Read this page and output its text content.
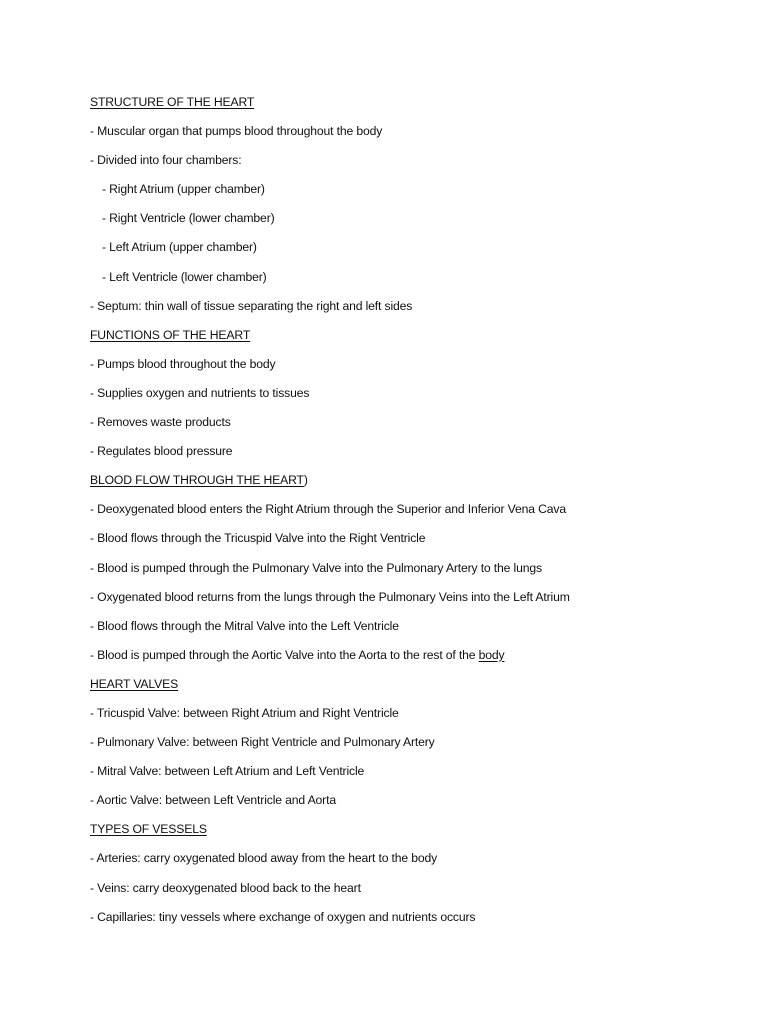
STRUCTURE OF THE HEART
- Muscular organ that pumps blood throughout the body
- Divided into four chambers:
- Right Atrium (upper chamber)
- Right Ventricle (lower chamber)
- Left Atrium (upper chamber)
- Left Ventricle (lower chamber)
- Septum: thin wall of tissue separating the right and left sides
FUNCTIONS OF THE HEART
- Pumps blood throughout the body
- Supplies oxygen and nutrients to tissues
- Removes waste products
- Regulates blood pressure
BLOOD FLOW THROUGH THE HEART)
- Deoxygenated blood enters the Right Atrium through the Superior and Inferior Vena Cava
- Blood flows through the Tricuspid Valve into the Right Ventricle
- Blood is pumped through the Pulmonary Valve into the Pulmonary Artery to the lungs
- Oxygenated blood returns from the lungs through the Pulmonary Veins into the Left Atrium
- Blood flows through the Mitral Valve into the Left Ventricle
- Blood is pumped through the Aortic Valve into the Aorta to the rest of the body
HEART VALVES
- Tricuspid Valve: between Right Atrium and Right Ventricle
- Pulmonary Valve: between Right Ventricle and Pulmonary Artery
- Mitral Valve: between Left Atrium and Left Ventricle
- Aortic Valve: between Left Ventricle and Aorta
TYPES OF VESSELS
- Arteries: carry oxygenated blood away from the heart to the body
- Veins: carry deoxygenated blood back to the heart
- Capillaries: tiny vessels where exchange of oxygen and nutrients occurs
